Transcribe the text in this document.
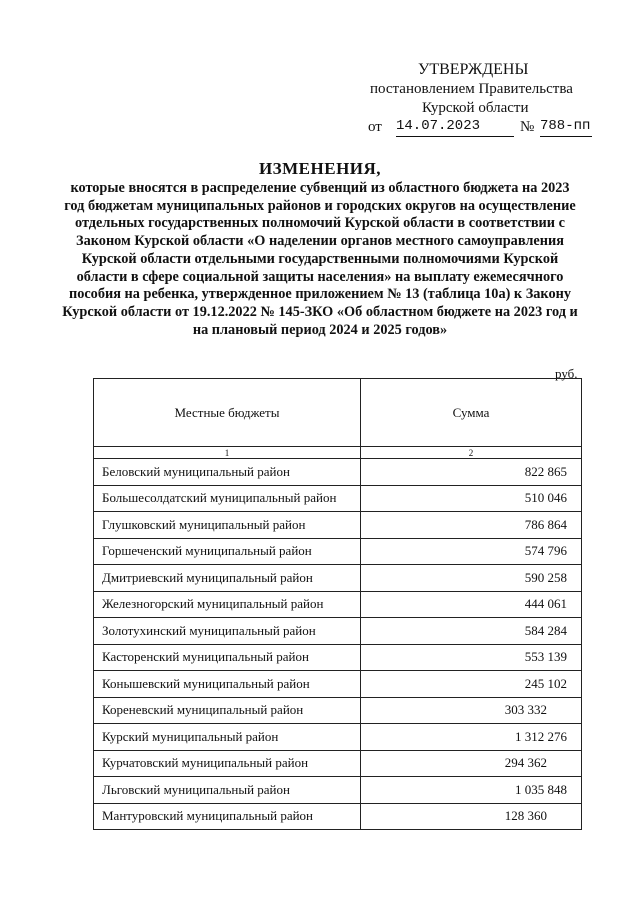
УТВЕРЖДЕНЫ
постановлением Правительства
Курской области
от 14.07.2023	№ 788-пп
ИЗМЕНЕНИЯ,
которые вносятся в распределение субвенций из областного бюджета на 2023 год бюджетам муниципальных районов и городских округов на осуществление отдельных государственных полномочий Курской области в соответствии с Законом Курской области «О наделении органов местного самоуправления Курской области отдельными государственными полномочиями Курской области в сфере социальной защиты населения» на выплату ежемесячного пособия на ребенка, утвержденное приложением № 13 (таблица 10а) к Закону Курской области от 19.12.2022 № 145-ЗКО «Об областном бюджете на 2023 год и на плановый период 2024 и 2025 годов»
руб.
Местные бюджеты	Сумма
1	2
Беловский муниципальный район	822 865
Большесолдатский муниципальный район	510 046
Глушковский муниципальный район	786 864
Горшеченский муниципальный район	574 796
Дмитриевский муниципальный район	590 258
Железногорский муниципальный район	444 061
Золотухинский муниципальный район	584 284
Касторенский муниципальный район	553 139
Конышевский муниципальный район	245 102
Кореневский муниципальный район	303 332
Курский муниципальный район	1 312 276
Курчатовский муниципальный район	294 362
Льговский муниципальный район	1 035 848
Мантуровский муниципальный район	128 360
